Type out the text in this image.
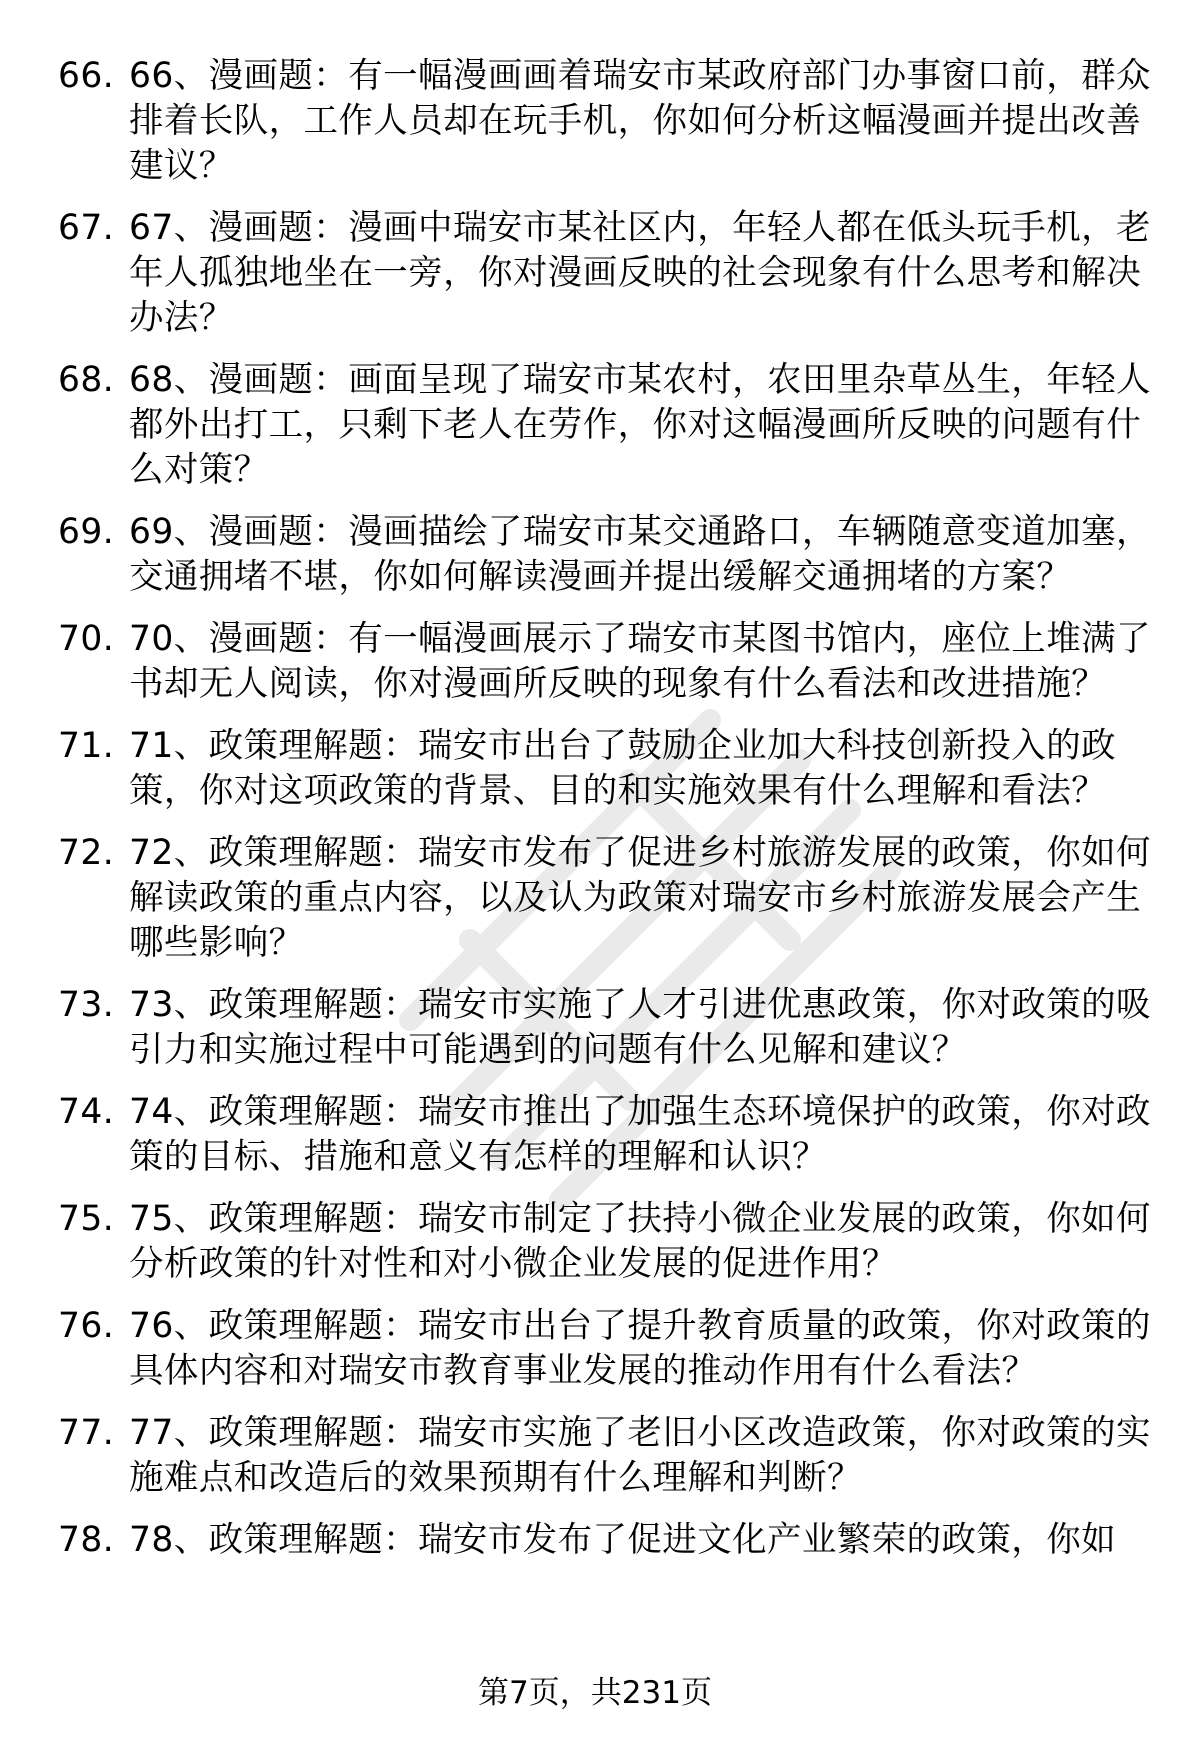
66. 66、漫画题：有一幅漫画画着瑞安市某政府部门办事窗口前，群众排着长队，工作人员却在玩手机，你如何分析这幅漫画并提出改善建议？
67. 67、漫画题：漫画中瑞安市某社区内，年轻人都在低头玩手机，老年人孤独地坐在一旁，你对漫画反映的社会现象有什么思考和解决办法？
68. 68、漫画题：画面呈现了瑞安市某农村，农田里杂草丛生，年轻人都外出打工，只剩下老人在劳作，你对这幅漫画所反映的问题有什么对策？
69. 69、漫画题：漫画描绘了瑞安市某交通路口，车辆随意变道加塞，交通拥堵不堪，你如何解读漫画并提出缓解交通拥堵的方案？
70. 70、漫画题：有一幅漫画展示了瑞安市某图书馆内，座位上堆满了书却无人阅读，你对漫画所反映的现象有什么看法和改进措施？
71. 71、政策理解题：瑞安市出台了鼓励企业加大科技创新投入的政策，你对这项政策的背景、目的和实施效果有什么理解和看法？
72. 72、政策理解题：瑞安市发布了促进乡村旅游发展的政策，你如何解读政策的重点内容，以及认为政策对瑞安市乡村旅游发展会产生哪些影响？
73. 73、政策理解题：瑞安市实施了人才引进优惠政策，你对政策的吸引力和实施过程中可能遇到的问题有什么见解和建议？
74. 74、政策理解题：瑞安市推出了加强生态环境保护的政策，你对政策的目标、措施和意义有怎样的理解和认识？
75. 75、政策理解题：瑞安市制定了扶持小微企业发展的政策，你如何分析政策的针对性和对小微企业发展的促进作用？
76. 76、政策理解题：瑞安市出台了提升教育质量的政策，你对政策的具体内容和对瑞安市教育事业发展的推动作用有什么看法？
77. 77、政策理解题：瑞安市实施了老旧小区改造政策，你对政策的实施难点和改造后的效果预期有什么理解和判断？
78. 78、政策理解题：瑞安市发布了促进文化产业繁荣的政策，你如
第7页，共231页
